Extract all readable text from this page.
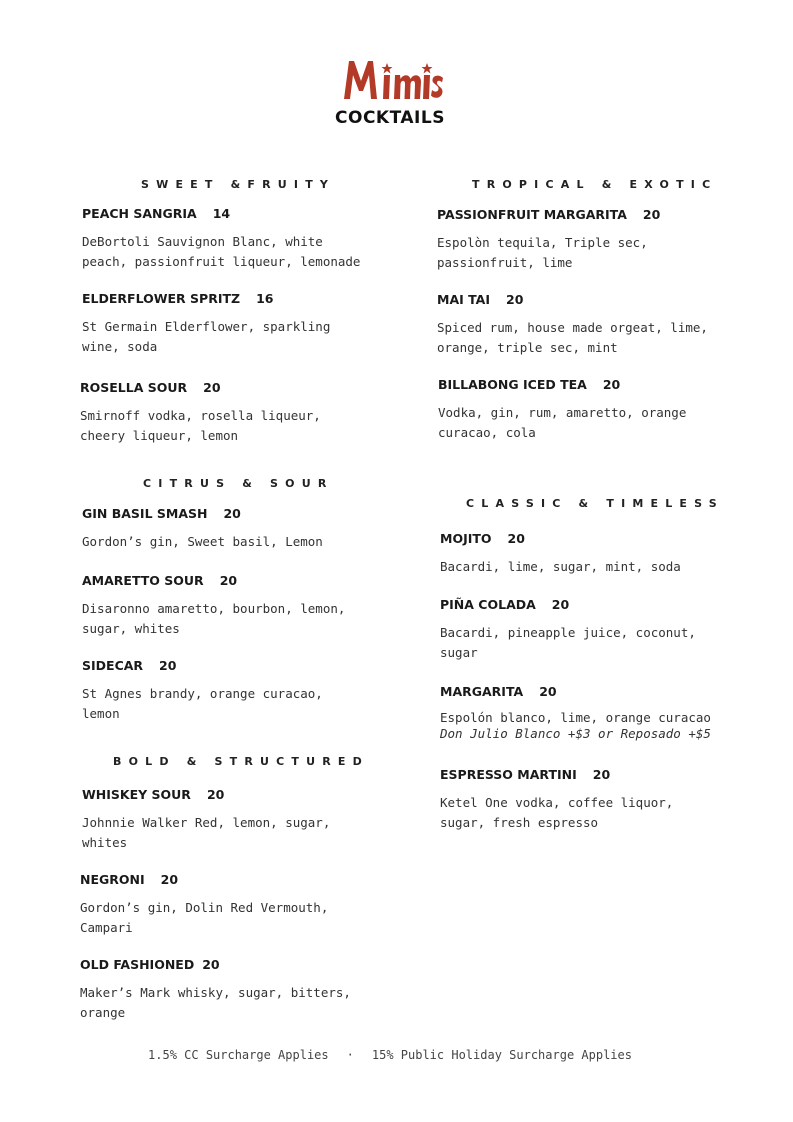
COCKTAILS
SWEET &FRUITY
PEACH SANGRIA 14
DeBortoli Sauvignon Blanc, white
peach, passionfruit liqueur, lemonade
ELDERFLOWER SPRITZ 16
St Germain Elderflower, sparkling
wine, soda
ROSELLA SOUR 20
Smirnoff vodka, rosella liqueur,
cheery liqueur, lemon
TROPICAL & EXOTIC
PASSIONFRUIT MARGARITA 20
Espolòn tequila, Triple sec,
passionfruit, lime
MAI TAI 20
Spiced rum, house made orgeat, lime,
orange, triple sec, mint
BILLABONG ICED TEA 20
Vodka, gin, rum, amaretto, orange
curacao, cola
CITRUS & SOUR
GIN BASIL SMASH 20
Gordon’s gin, Sweet basil, Lemon
AMARETTO SOUR 20
Disaronno amaretto, bourbon, lemon,
sugar, whites
SIDECAR 20
St Agnes brandy, orange curacao,
lemon
CLASSIC & TIMELESS
MOJITO 20
Bacardi, lime, sugar, mint, soda
PIÑA COLADA 20
Bacardi, pineapple juice, coconut,
sugar
MARGARITA 20
Espolón blanco, lime, orange curacao
Don Julio Blanco +$3 or Reposado +$5
ESPRESSO MARTINI 20
Ketel One vodka, coffee liquor,
sugar, fresh espresso
BOLD & STRUCTURED
WHISKEY SOUR 20
Johnnie Walker Red, lemon, sugar,
whites
NEGRONI 20
Gordon’s gin, Dolin Red Vermouth,
Campari
OLD FASHIONED 20
Maker’s Mark whisky, sugar, bitters,
orange
1.5% CC Surcharge Applies · 15% Public Holiday Surcharge Applies
